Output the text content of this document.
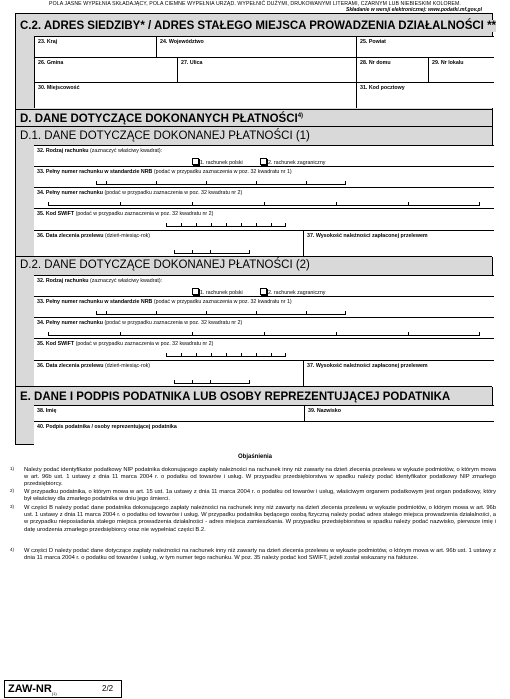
POLA JASNE WYPEŁNIA SKŁADAJĄCY, POLA CIEMNE WYPEŁNIA URZĄD. WYPEŁNIĆ DUŻYMI, DRUKOWANYMI LITERAMI, CZARNYM LUB NIEBIESKIM KOLOREM.
Składanie w wersji elektronicznej: www.podatki.mf.gov.pl
C.2. ADRES SIEDZIBY* / ADRES STAŁEGO MIEJSCA PROWADZENIA DZIAŁALNOŚCI **
23. Kraj	24. Województwo	25. Powiat
26. Gmina	27. Ulica	28. Nr domu	29. Nr lokalu
30. Miejscowość	31. Kod pocztowy
D. DANE DOTYCZĄCE DOKONANYCH PŁATNOŚCI$^{4)}$
D.1. DANE DOTYCZĄCE DOKONANEJ PŁATNOŚCI (1)
32. Rodzaj rachunku (zaznaczyć właściwy kwadrat):
1. rachunek polski	2. rachunek zagraniczny
33. Pełny numer rachunku w standardzie NRB (podać w przypadku zaznaczenia w poz. 32 kwadratu nr 1)
34. Pełny numer rachunku (podać w przypadku zaznaczenia w poz. 32 kwadratu nr 2)
35. Kod SWIFT (podać w przypadku zaznaczenia w poz. 32 kwadratu nr 2)
36. Data zlecenia przelewu (dzień-miesiąc-rok)	37. Wysokość należności zapłaconej przelewem
D.2. DANE DOTYCZĄCE DOKONANEJ PŁATNOŚCI (2)
32. Rodzaj rachunku (zaznaczyć właściwy kwadrat):
1. rachunek polski	2. rachunek zagraniczny
33. Pełny numer rachunku w standardzie NRB (podać w przypadku zaznaczenia w poz. 32 kwadratu nr 1)
34. Pełny numer rachunku (podać w przypadku zaznaczenia w poz. 32 kwadratu nr 2)
35. Kod SWIFT (podać w przypadku zaznaczenia w poz. 32 kwadratu nr 2)
36. Data zlecenia przelewu (dzień-miesiąc-rok)	37. Wysokość należności zapłaconej przelewem
E. DANE I PODPIS PODATNIKA LUB OSOBY REPREZENTUJĄCEJ PODATNIKA
38. Imię	39. Nazwisko
40. Podpis podatnika / osoby reprezentującej podatnika
Objaśnienia
1) Należy podać identyfikator podatkowy NIP podatnika dokonującego zapłaty należności na rachunek inny niż zawarty na dzień zlecenia przelewu w wykazie podmiotów, o którym mowa w art. 96b ust. 1 ustawy z dnia 11 marca 2004 r. o podatku od towarów i usług. W przypadku przedsiębiorstwa w spadku należy podać identyfikator podatkowy NIP zmarłego przedsiębiorcy.
2) W przypadku podatnika, o którym mowa w art. 15 ust. 1a ustawy z dnia 11 marca 2004 r. o podatku od towarów i usług, właściwym organem podatkowym jest organ podatkowy, który był właściwy dla zmarłego podatnika w dniu jego śmierci.
3) W części B należy podać dane podatnika dokonującego zapłaty należności na rachunek inny niż zawarty na dzień zlecenia przelewu w wykazie podmiotów, o którym mowa w art. 96b ust. 1 ustawy z dnia 11 marca 2004 r. o podatku od towarów i usług. W przypadku podatnika będącego osobą fizyczną należy podać adres stałego miejsca prowadzenia działalności, a w przypadku nieposiadania stałego miejsca prowadzenia działalności - adres miejsca zamieszkania. W przypadku przedsiębiorstwa w spadku należy podać nazwisko, pierwsze imię i datę urodzenia zmarłego przedsiębiorcy oraz nie wypełniać części B.2.
4) W części D należy podać dane dotyczące zapłaty należności na rachunek inny niż zawarty na dzień zlecenia przelewu w wykazie podmiotów, o którym mowa w art. 96b ust. 1 ustawy z dnia 11 marca 2004 r. o podatku od towarów i usług, w tym numer tego rachunku. W poz. 35 należy podać kod SWIFT, jeżeli został wskazany na fakturze.
ZAW-$NR_{(1)}$
2/2
